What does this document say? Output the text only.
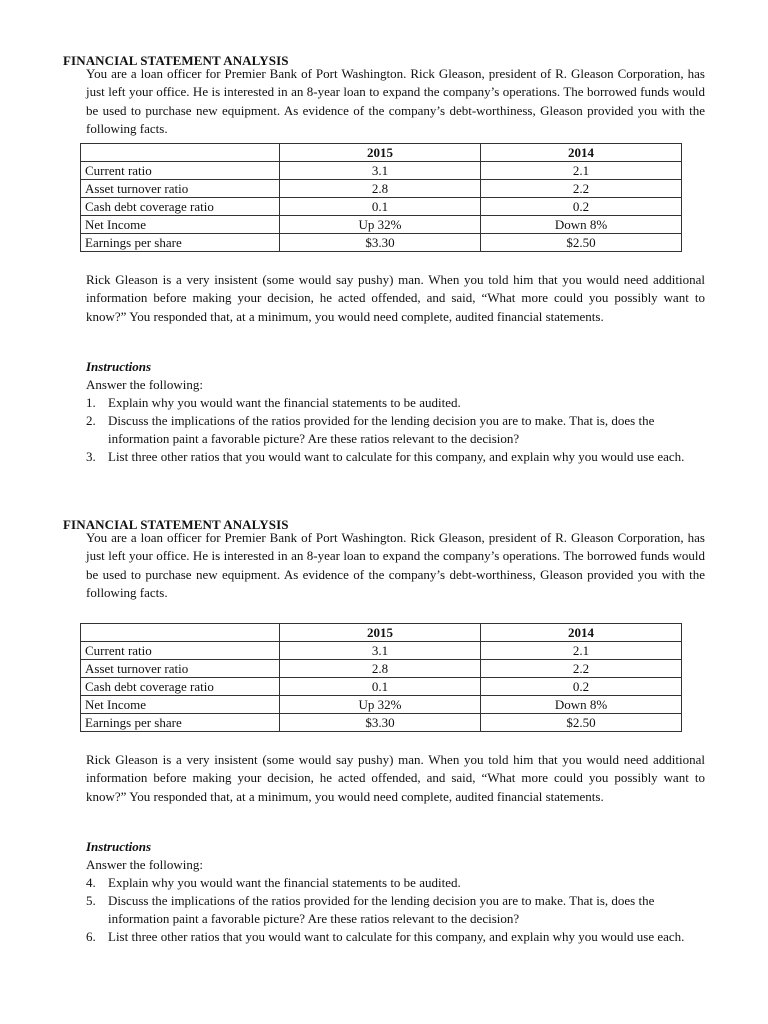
FINANCIAL STATEMENT ANALYSIS

You are a loan officer for Premier Bank of Port Washington. Rick Gleason, president of R. Gleason Corporation, has just left your office. He is interested in an 8-year loan to expand the company’s operations. The borrowed funds would be used to purchase new equipment. As evidence of the company’s debt-worthiness, Gleason provided you with the following facts.

	2015	2014
Current ratio	3.1	2.1
Asset turnover ratio	2.8	2.2
Cash debt coverage ratio	0.1	0.2
Net Income	Up 32%	Down 8%
Earnings per share	$3.30	$2.50

Rick Gleason is a very insistent (some would say pushy) man. When you told him that you would need additional information before making your decision, he acted offended, and said, “What more could you possibly want to know?” You responded that, at a minimum, you would need complete, audited financial statements.

Instructions
Answer the following:
1. Explain why you would want the financial statements to be audited.
2. Discuss the implications of the ratios provided for the lending decision you are to make. That is, does the information paint a favorable picture? Are these ratios relevant to the decision?
3. List three other ratios that you would want to calculate for this company, and explain why you would use each.
FINANCIAL STATEMENT ANALYSIS

You are a loan officer for Premier Bank of Port Washington. Rick Gleason, president of R. Gleason Corporation, has just left your office. He is interested in an 8-year loan to expand the company’s operations. The borrowed funds would be used to purchase new equipment. As evidence of the company’s debt-worthiness, Gleason provided you with the following facts.

	2015	2014
Current ratio	3.1	2.1
Asset turnover ratio	2.8	2.2
Cash debt coverage ratio	0.1	0.2
Net Income	Up 32%	Down 8%
Earnings per share	$3.30	$2.50

Rick Gleason is a very insistent (some would say pushy) man. When you told him that you would need additional information before making your decision, he acted offended, and said, “What more could you possibly want to know?” You responded that, at a minimum, you would need complete, audited financial statements.

Instructions
Answer the following:
4. Explain why you would want the financial statements to be audited.
5. Discuss the implications of the ratios provided for the lending decision you are to make. That is, does the information paint a favorable picture? Are these ratios relevant to the decision?
6. List three other ratios that you would want to calculate for this company, and explain why you would use each.
